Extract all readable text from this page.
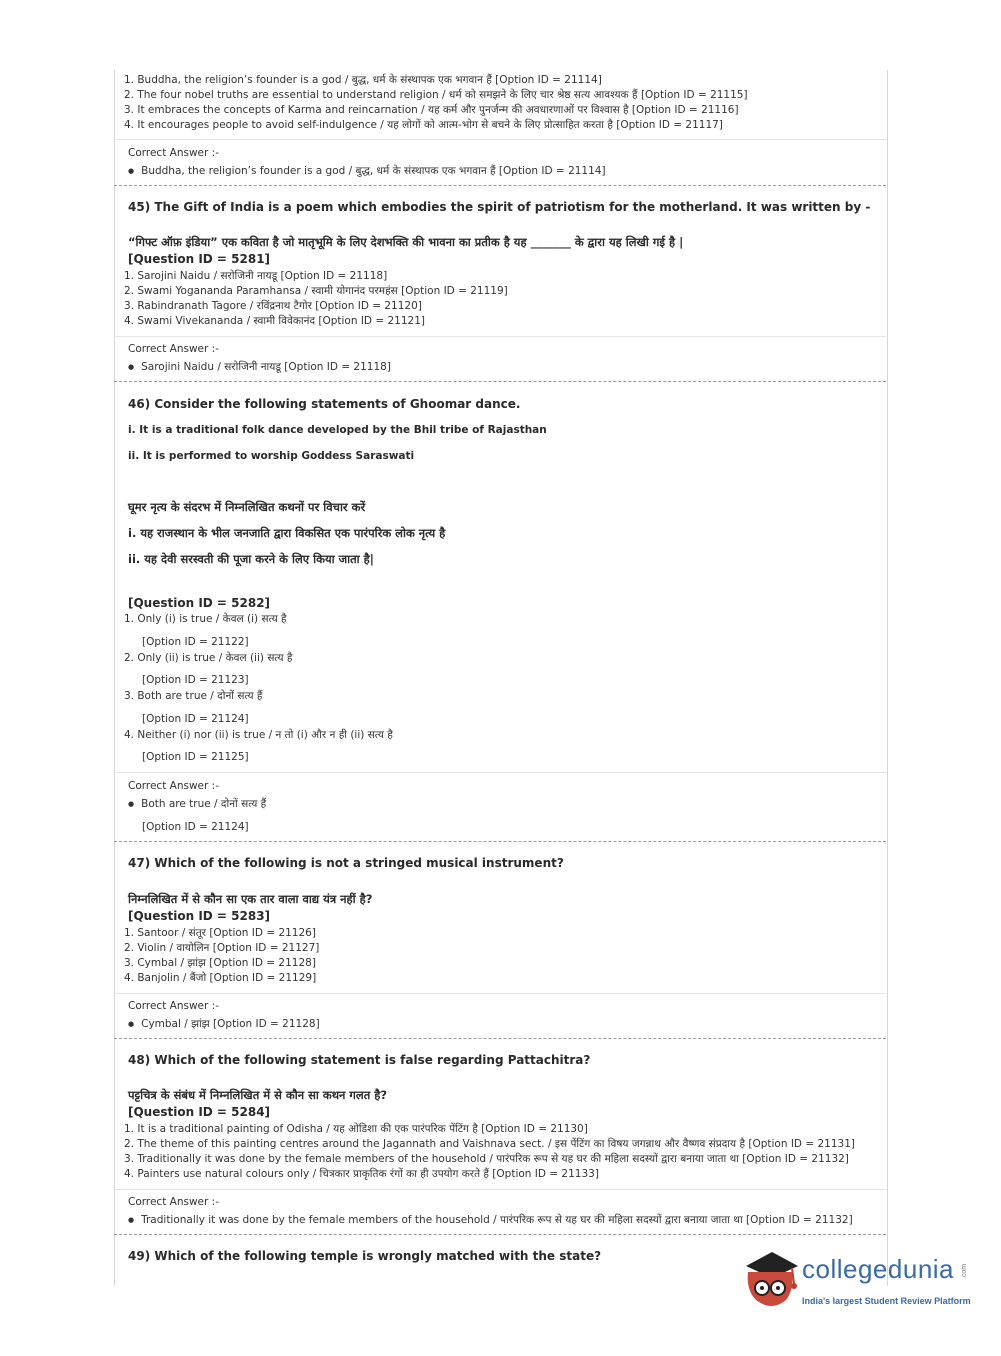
1. Buddha, the religion’s founder is a god / बुद्ध, धर्म के संस्थापक एक भगवान हैं [Option ID = 21114]
2. The four nobel truths are essential to understand religion / धर्म को समझने के लिए चार श्रेष्ठ सत्य आवश्यक हैं [Option ID = 21115]
3. It embraces the concepts of Karma and reincarnation / यह कर्म और पुनर्जन्म की अवधारणाओं पर विश्वास है [Option ID = 21116]
4. It encourages people to avoid self-indulgence / यह लोगों को आत्म-भोग से बचने के लिए प्रोत्साहित करता है [Option ID = 21117]
Correct Answer :-
● Buddha, the religion’s founder is a god / बुद्ध, धर्म के संस्थापक एक भगवान हैं [Option ID = 21114]
45) The Gift of India is a poem which embodies the spirit of patriotism for the motherland. It was written by -
“गिफ्ट ऑफ़ इंडिया” एक कविता है जो मातृभूमि के लिए देशभक्ति की भावना का प्रतीक है यह _______ के द्वारा यह लिखी गई है |
[Question ID = 5281]
1. Sarojini Naidu / सरोजिनी नायडू [Option ID = 21118]
2. Swami Yogananda Paramhansa / स्वामी योगानंद परमहंस [Option ID = 21119]
3. Rabindranath Tagore / रविंद्रनाथ टैगोर [Option ID = 21120]
4. Swami Vivekananda / स्वामी विवेकानंद [Option ID = 21121]
Correct Answer :-
● Sarojini Naidu / सरोजिनी नायडू [Option ID = 21118]
46) Consider the following statements of Ghoomar dance.
i. It is a traditional folk dance developed by the Bhil tribe of Rajasthan
ii. It is performed to worship Goddess Saraswati
घूमर नृत्य के संदरभ में निम्नलिखित कथनों पर विचार करें
i. यह राजस्थान के भील जनजाति द्वारा विकसित एक पारंपरिक लोक नृत्य है
ii. यह देवी सरस्वती की पूजा करने के लिए किया जाता है|
[Question ID = 5282]
1. Only (i) is true / केवल (i) सत्य है
[Option ID = 21122]
2. Only (ii) is true / केवल (ii) सत्य है
[Option ID = 21123]
3. Both are true / दोनों सत्य हैं
[Option ID = 21124]
4. Neither (i) nor (ii) is true / न तो (i) और न ही (ii) सत्य है
[Option ID = 21125]
Correct Answer :-
● Both are true / दोनों सत्य हैं
[Option ID = 21124]
47) Which of the following is not a stringed musical instrument?
निम्नलिखित में से कौन सा एक तार वाला वाद्य यंत्र नहीं है?
[Question ID = 5283]
1. Santoor / संतूर [Option ID = 21126]
2. Violin / वायोलिन [Option ID = 21127]
3. Cymbal / झांझ [Option ID = 21128]
4. Banjolin / बैंजो [Option ID = 21129]
Correct Answer :-
● Cymbal / झांझ [Option ID = 21128]
48) Which of the following statement is false regarding Pattachitra?
पट्टचित्र के संबंध में निम्नलिखित में से कौन सा कथन गलत है?
[Question ID = 5284]
1. It is a traditional painting of Odisha / यह ओडिशा की एक पारंपरिक पेंटिंग है [Option ID = 21130]
2. The theme of this painting centres around the Jagannath and Vaishnava sect. / इस पेंटिंग का विषय जगन्नाथ और वैष्णव संप्रदाय है [Option ID = 21131]
3. Traditionally it was done by the female members of the household / पारंपरिक रूप से यह घर की महिला सदस्यों द्वारा बनाया जाता था [Option ID = 21132]
4. Painters use natural colours only / चित्रकार प्राकृतिक रंगों का ही उपयोग करते हैं [Option ID = 21133]
Correct Answer :-
● Traditionally it was done by the female members of the household / पारंपरिक रूप से यह घर की महिला सदस्यों द्वारा बनाया जाता था [Option ID = 21132]
49) Which of the following temple is wrongly matched with the state?	collegedunia .com
India's largest Student Review Platform
